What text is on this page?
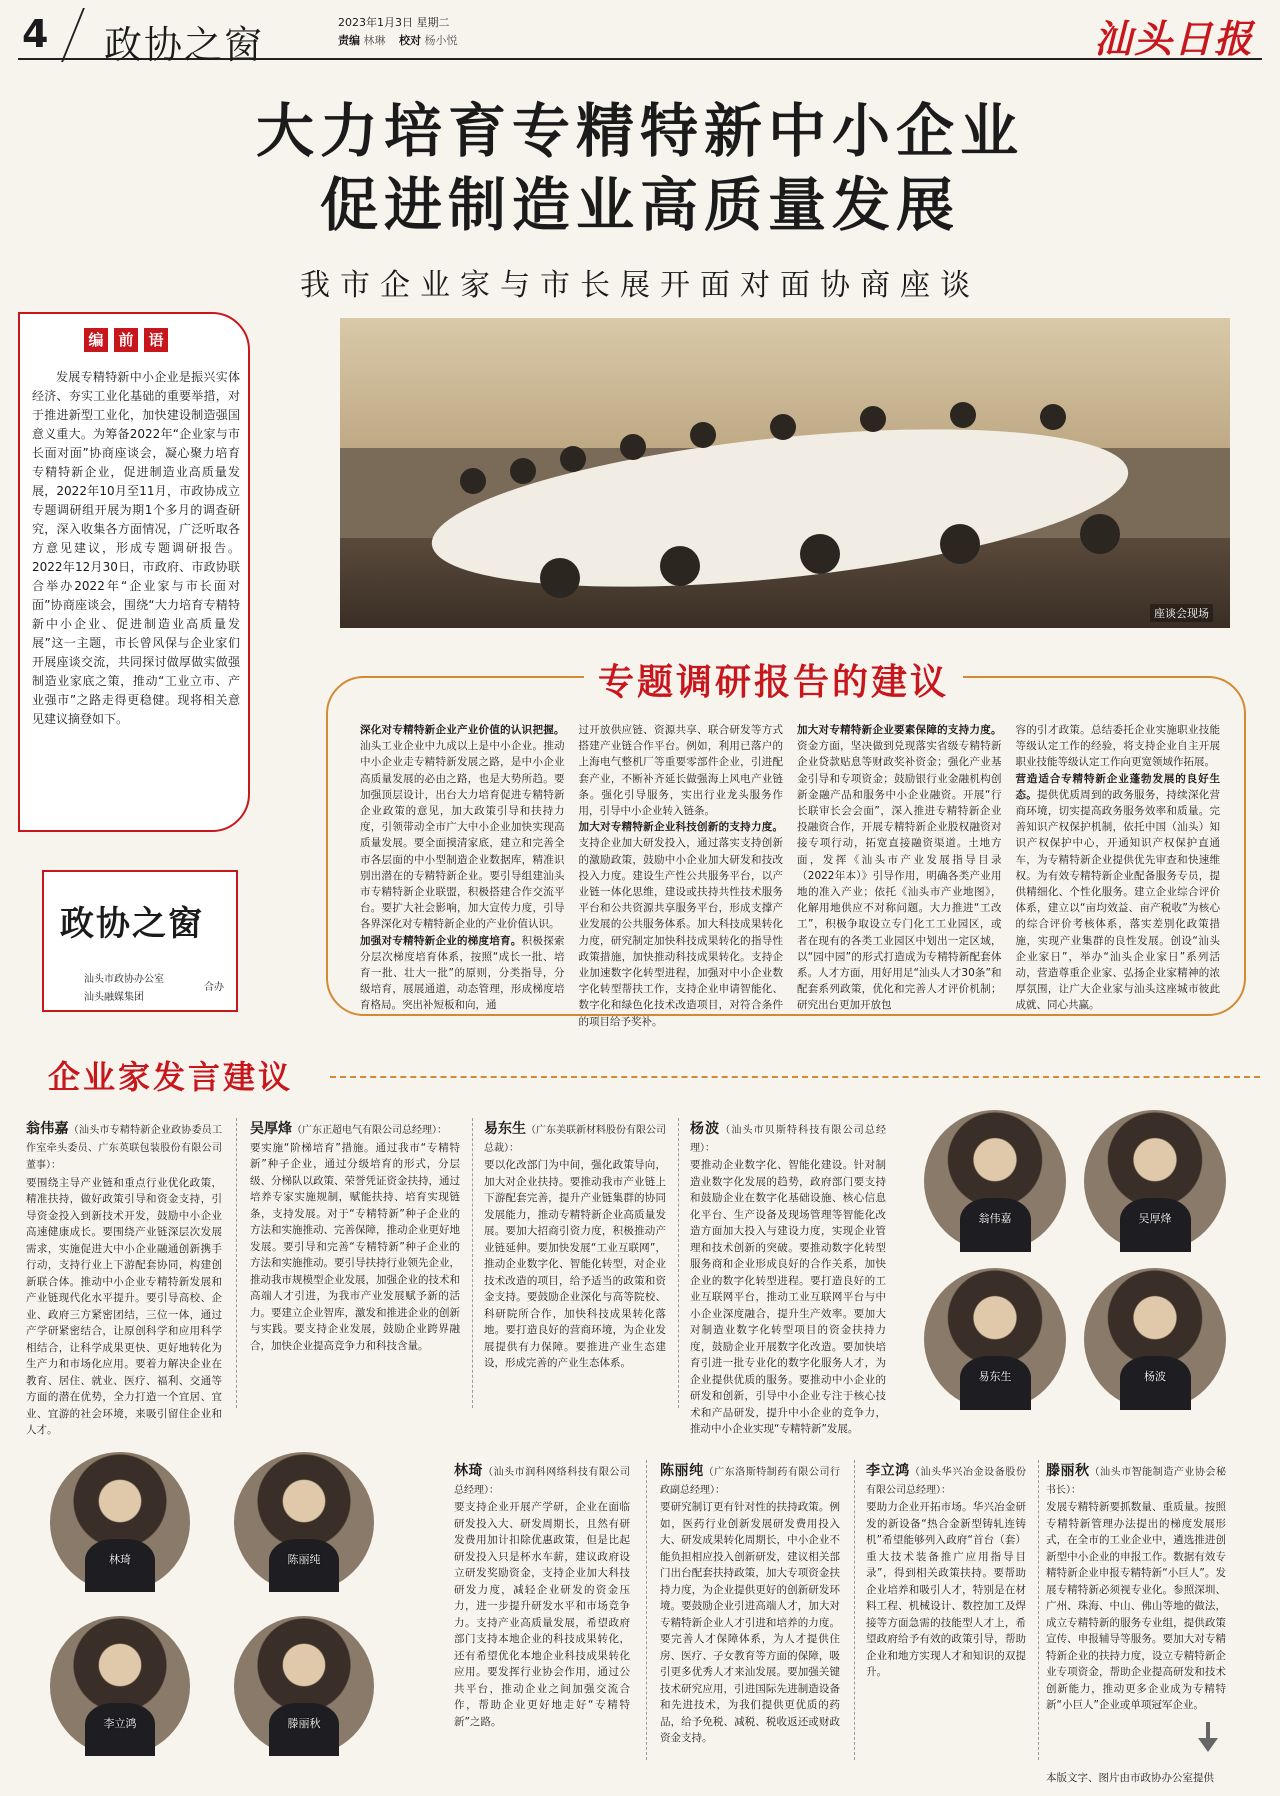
4 政协之窗
2023年1月3日 星期二
责编 林琳 校对 杨小悦	汕头日报
大力培育专精特新中小企业
促进制造业高质量发展
我市企业家与市长展开面对面协商座谈
编 前 语
发展专精特新中小企业是振兴实体经济、夯实工业化基础的重要举措，对于推进新型工业化，加快建设制造强国意义重大。为筹备2022年“企业家与市长面对面”协商座谈会，凝心聚力培育专精特新企业，促进制造业高质量发展，2022年10月至11月，市政协成立专题调研组开展为期1个多月的调查研究，深入收集各方面情况，广泛听取各方意见建议，形成专题调研报告。2022年12月30日，市政府、市政协联合举办2022年“企业家与市长面对面”协商座谈会，围绕“大力培育专精特新中小企业、促进制造业高质量发展”这一主题，市长曾风保与企业家们开展座谈交流，共同探讨做厚做实做强制造业家底之策，推动“工业立市、产业强市”之路走得更稳健。现将相关意见建议摘登如下。
政协之窗
汕头市政协办公室
汕头融媒集团
合办
座谈会现场
专题调研报告的建议
深化对专精特新企业产业价值的认识把握。汕头工业企业中九成以上是中小企业。推动中小企业走专精特新发展之路，是中小企业高质量发展的必由之路，也是大势所趋。要加强顶层设计，出台大力培育促进专精特新企业政策的意见，加大政策引导和扶持力度，引领带动全市广大中小企业加快实现高质量发展。要全面摸清家底，建立和完善全市各层面的中小型制造企业数据库，精准识别出潜在的专精特新企业。要引导组建汕头市专精特新企业联盟，积极搭建合作交流平台。要扩大社会影响，加大宣传力度，引导各界深化对专精特新企业的产业价值认识。
加强对专精特新企业的梯度培育。积极探索分层次梯度培育体系，按照“成长一批、培育一批、壮大一批”的原则，分类指导，分级培育，展展通道，动态管理，形成梯度培育格局。突出补短板和向，通
过开放供应链、资源共享、联合研发等方式搭建产业链合作平台。例如，利用已落户的上海电气整机厂等重要零部件企业，引进配套产业，不断补齐延长做强海上风电产业链条。强化引导服务，实出行业龙头服务作用，引导中小企业转入链条。
加大对专精特新企业科技创新的支持力度。支持企业加大研发投入，通过落实支持创新的激励政策，鼓励中小企业加大研发和技改投入力度。建设生产性公共服务平台，以产业链一体化思维，建设或扶持共性技术服务平台和公共资源共享服务平台，形成支撑产业发展的公共服务体系。加大科技成果转化力度，研究制定加快科技成果转化的指导性政策措施，加快推动科技成果转化。支持企业加速数字化转型进程，加强对中小企业数字化转型帮扶工作，支持企业申请智能化、数字化和绿色化技术改造项目，对符合条件的项目给予奖补。
加大对专精特新企业要素保障的支持力度。资金方面，坚决做到兑现落实省级专精特新企业贷款贴息等财政奖补资金；强化产业基金引导和专项资金；鼓励银行业金融机构创新金融产品和服务中小企业融资。开展“行长联审长会会面”，深入推进专精特新企业投融资合作，开展专精特新企业股权融资对接专项行动，拓宽直接融资渠道。土地方面，发挥《汕头市产业发展指导目录（2022年本）》引导作用，明确各类产业用地的准入产业；依托《汕头市产业地图》，化解用地供应不对称问题。大力推进“工改工”，积极争取设立专门化工工业园区，或者在现有的各类工业园区中划出一定区域，以“园中园”的形式打造成为专精特新配套体系。人才方面，用好用足“汕头人才30条”和配套系列政策，优化和完善人才评价机制；研究出台更加开放包
容的引才政策。总结委托企业实施职业技能等级认定工作的经验，将支持企业自主开展职业技能等级认定工作向更宽领域作拓展。
营造适合专精特新企业蓬勃发展的良好生态。提供优质周到的政务服务，持续深化营商环境，切实提高政务服务效率和质量。完善知识产权保护机制，依托中国（汕头）知识产权保护中心，开通知识产权保护直通车，为专精特新企业提供优先审查和快速维权。为有效专精特新企业配备服务专员，提供精细化、个性化服务。建立企业综合评价体系，建立以“亩均效益、亩产税收”为核心的综合评价考核体系，落实差别化政策措施，实现产业集群的良性发展。创设“汕头企业家日”，举办“汕头企业家日”系列活动，营造尊重企业家、弘扬企业家精神的浓厚氛围，让广大企业家与汕头这座城市彼此成就、同心共赢。
企业家发言建议
翁伟嘉（汕头市专精特新企业政协委员工作室牵头委员、广东英联包装股份有限公司董事）：
要围绕主导产业链和重点行业优化政策，精准扶持，做好政策引导和资金支持，引导资金投入到新技术开发，鼓励中小企业高速健康成长。要围绕产业链深层次发展需求，实施促进大中小企业融通创新携手行动，支持行业上下游配套协同，构建创新联合体。推动中小企业专精特新发展和产业链现代化水平提升。要引导高校、企业、政府三方紧密团结，三位一体，通过产学研紧密结合，让原创科学和应用科学相结合，让科学成果更快、更好地转化为生产力和市场化应用。要着力解决企业在教育、居住、就业、医疗、福利、交通等方面的潜在优势，全力打造一个宜居、宜业、宜游的社会环境，来吸引留住企业和人才。
吴厚烽（广东正超电气有限公司总经理）：
要实施“阶梯培育”措施。通过我市“专精特新”种子企业，通过分级培育的形式，分层级、分梯队以政策、荣誉凭证资金扶持，通过培养专家实施规制，赋能扶持、培育实现链条，支持发展。对于“专精特新”种子企业的方法和实施推动、完善保障，推动企业更好地发展。要引导和完善“专精特新”种子企业的方法和实施推动。要引导扶持行业领先企业，推动我市规模型企业发展，加强企业的技术和高端人才引进，为我市产业发展赋予新的活力。要建立企业智库，激发和推进企业的创新与实践。要支持企业发展，鼓励企业跨界融合，加快企业提高竞争力和科技含量。
易东生（广东美联新材料股份有限公司总裁）：
要以化改部门为中间，强化政策导向，加大对企业扶持。要推动我市产业链上下游配套完善，提升产业链集群的协同发展能力，推动专精特新企业高质量发展。要加大招商引资力度，积极推动产业链延伸。要加快发展“工业互联网”，推动企业数字化、智能化转型，对企业技术改造的项目，给予适当的政策和资金支持。要鼓励企业深化与高等院校、科研院所合作，加快科技成果转化落地。要打造良好的营商环境，为企业发展提供有力保障。要推进产业生态建设，形成完善的产业生态体系。
杨波（汕头市贝斯特科技有限公司总经理）：
要推动企业数字化、智能化建设。针对制造业数字化发展的趋势，政府部门要支持和鼓励企业在数字化基础设施、核心信息化平台、生产设备及现场管理等智能化改造方面加大投入与建设力度，实现企业管理和技术创新的突破。要推动数字化转型服务商和企业形成良好的合作关系，加快企业的数字化转型进程。要打造良好的工业互联网平台，推动工业互联网平台与中小企业深度融合，提升生产效率。要加大对制造业数字化转型项目的资金扶持力度，鼓励企业开展数字化改造。要加快培育引进一批专业化的数字化服务人才，为企业提供优质的服务。要推动中小企业的研发和创新，引导中小企业专注于核心技术和产品研发，提升中小企业的竞争力，推动中小企业实现“专精特新”发展。
翁伟嘉	吴厚烽
易东生	杨波
林琦	陈丽纯
李立鸿	滕丽秋
林琦（汕头市润科网络科技有限公司总经理）：
要支持企业开展产学研，企业在面临研发投入大、研发周期长，且然有研发费用加计扣除优惠政策，但是比起研发投入只是杯水车薪，建议政府设立研发奖励资金，支持企业加大科技研发力度，减轻企业研发的资金压力，进一步提升研发水平和市场竞争力。支持产业高质量发展，希望政府部门支持本地企业的科技成果转化，还有希望优化本地企业科技成果转化应用。要发挥行业协会作用，通过公共平台，推动企业之间加强交流合作，帮助企业更好地走好“专精特新”之路。
陈丽纯（广东洛斯特制药有限公司行政副总经理）：
要研究制订更有针对性的扶持政策。例如，医药行业创新发展研发费用投入大、研发成果转化周期长，中小企业不能负担相应投入创新研发，建议相关部门出台配套扶持政策，加大专项资金扶持力度，为企业提供更好的创新研发环境。要鼓励企业引进高端人才，加大对专精特新企业人才引进和培养的力度。要完善人才保障体系，为人才提供住房、医疗、子女教育等方面的保障，吸引更多优秀人才来汕发展。要加强关键技术研究应用，引进国际先进制造设备和先进技术，为我们提供更优质的药品，给予免税、减税、税收返还或财政资金支持。
李立鸿（汕头华兴冶金设备股份有限公司总经理）：
要助力企业开拓市场。华兴冶金研发的新设备“热合金新型铸轧连铸机”希望能够列入政府“首台（套）重大技术装备推广应用指导目录”，得到相关政策扶持。要帮助企业培养和吸引人才，特别是在材料工程、机械设计、数控加工及焊接等方面急需的技能型人才上，希望政府给予有效的政策引导，帮助企业和地方实现人才和知识的双提升。
滕丽秋（汕头市智能制造产业协会秘书长）：
发展专精特新要抓数量、重质量。按照专精特新管理办法提出的梯度发展形式，在全市的工业企业中，遴选推进创新型中小企业的申报工作。数据有效专精特新企业申报专精特新“小巨人”。发展专精特新必须视专业化。参照深圳、广州、珠海、中山、佛山等地的做法，成立专精特新的服务专业组，提供政策宣传、申报辅导等服务。要加大对专精特新企业的扶持力度，设立专精特新企业专项资金，帮助企业提高研发和技术创新能力，推动更多企业成为专精特新“小巨人”企业或单项冠军企业。
本版文字、图片由市政协办公室提供
